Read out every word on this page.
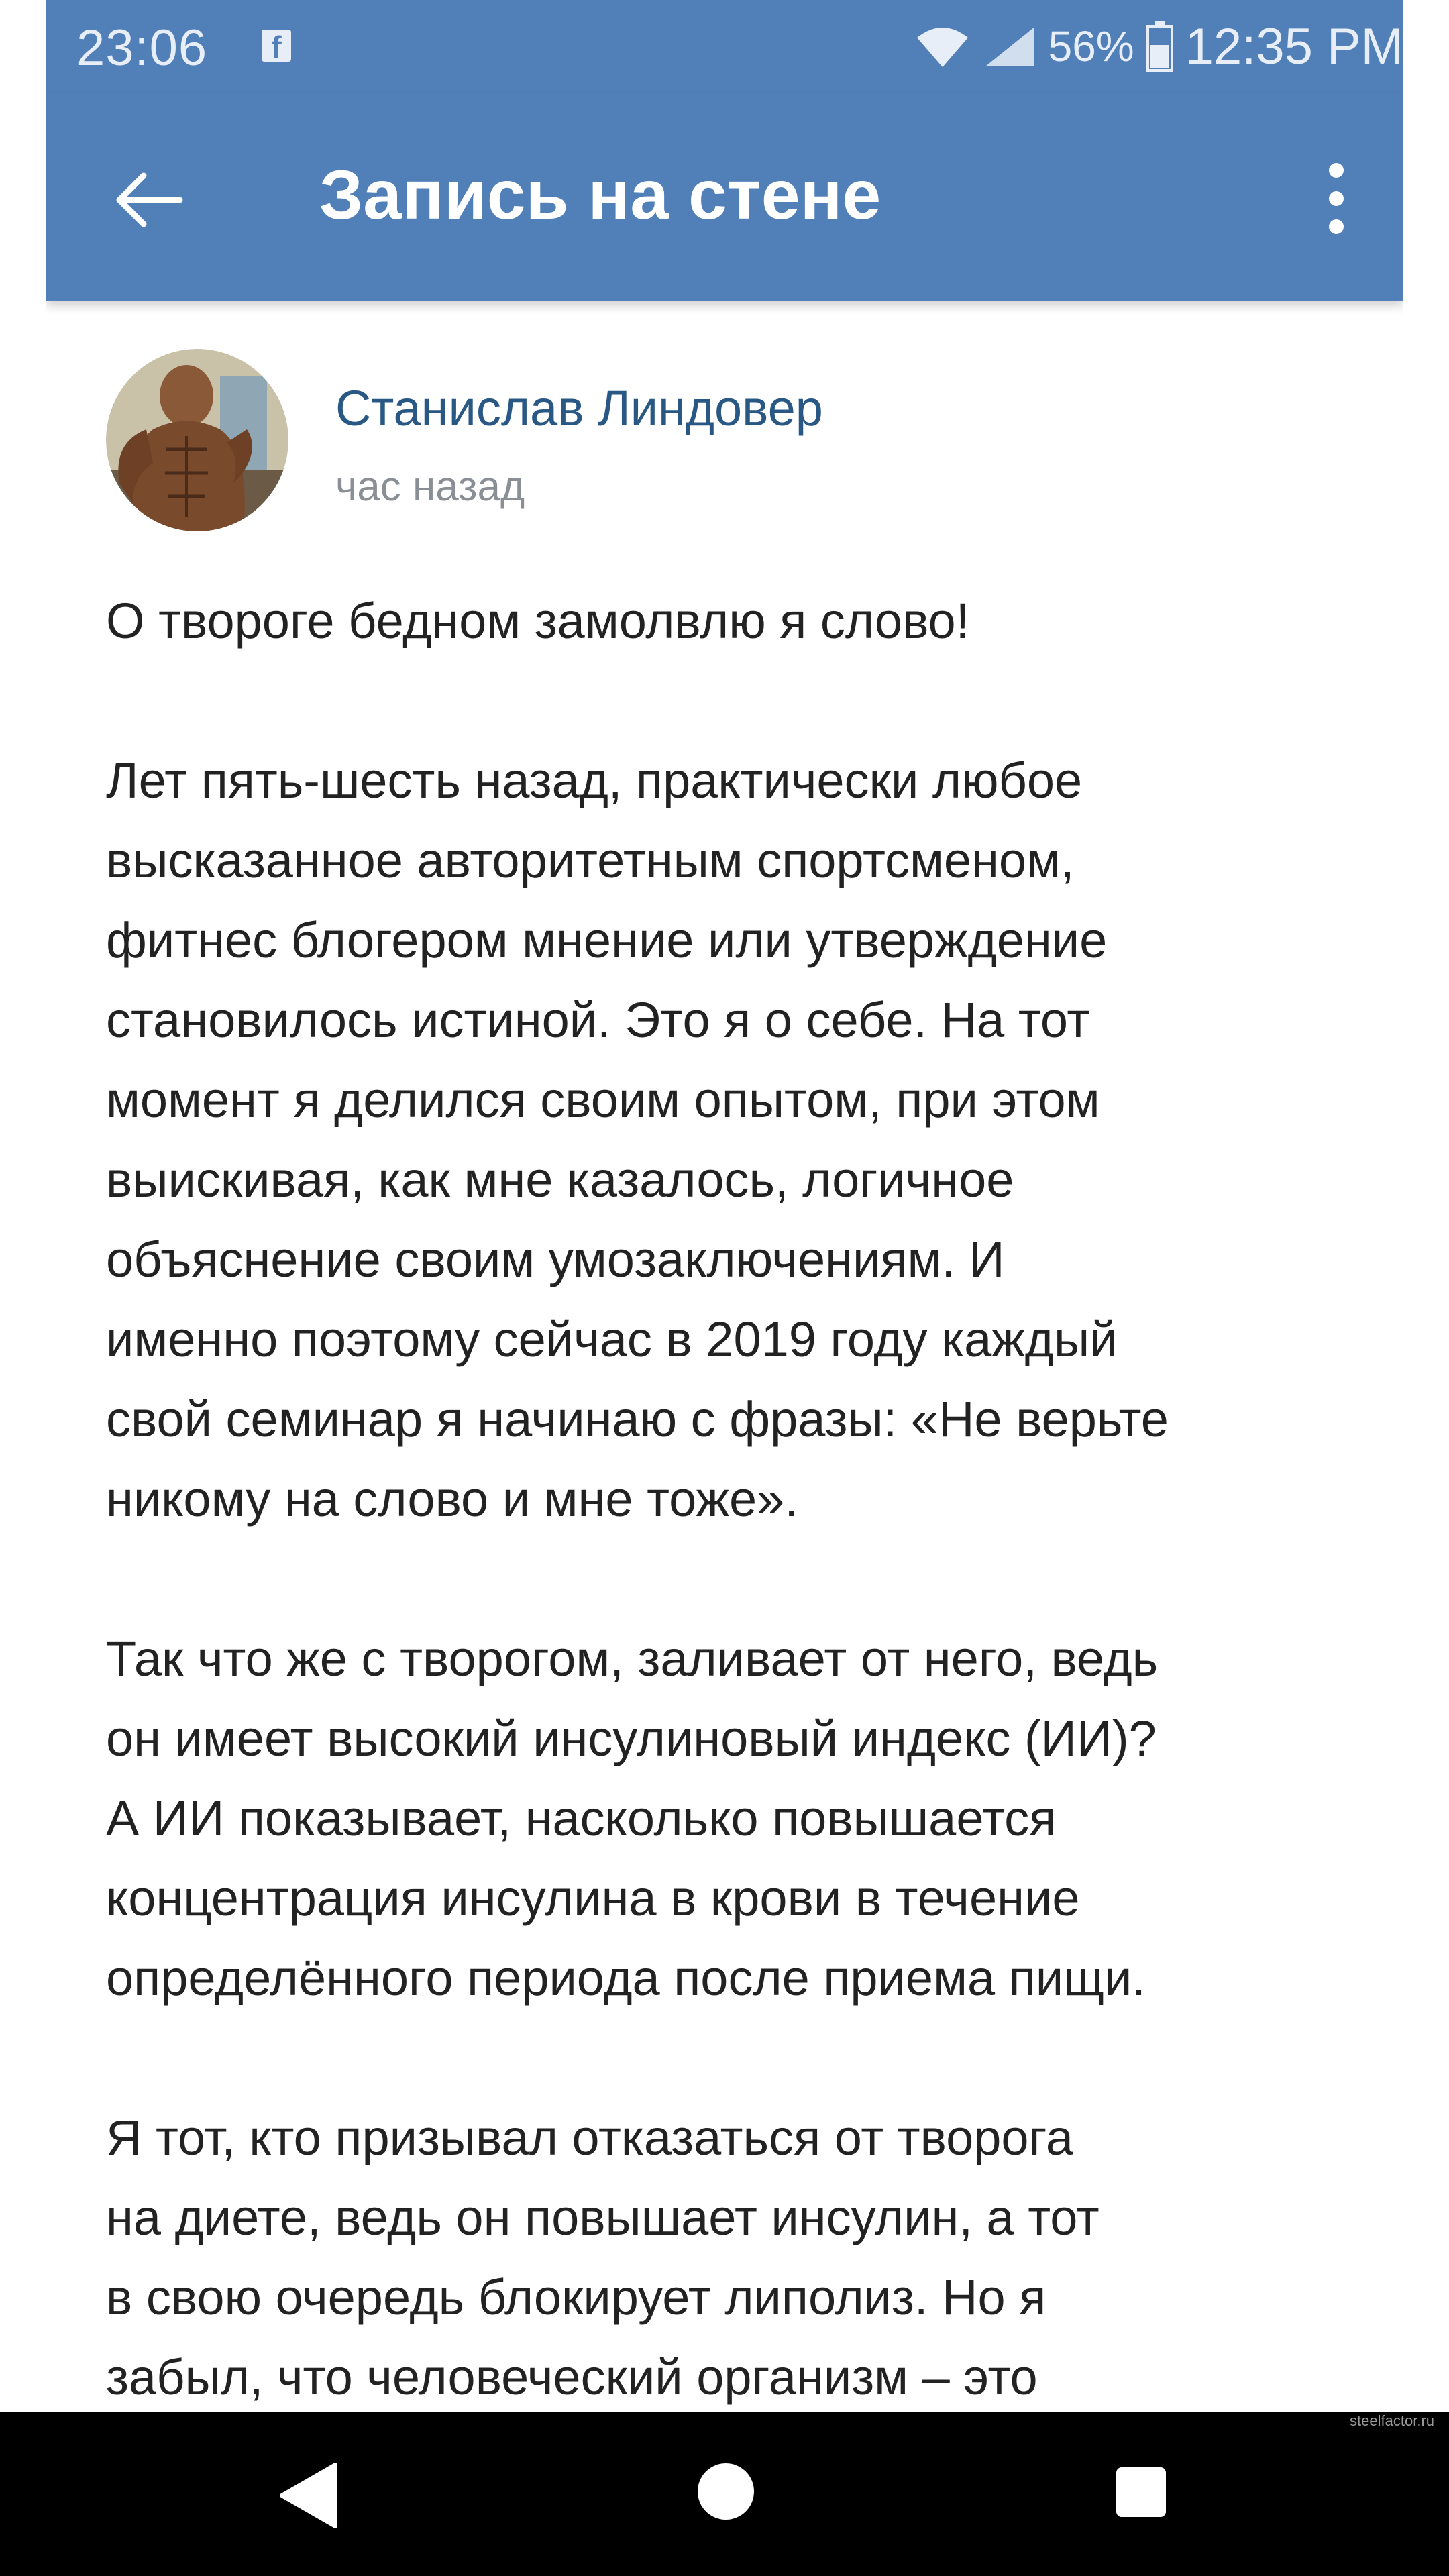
23:06	f	56% 12:35 PM
Запись на стене
Станислав Линдовер
час назад

О твороге бедном замолвлю я слово!

Лет пять-шесть назад, практически любое
высказанное авторитетным спортсменом,
фитнес блогером мнение или утверждение
становилось истиной. Это я о себе. На тот
момент я делился своим опытом, при этом
выискивая, как мне казалось, логичное
объяснение своим умозаключениям. И
именно поэтому сейчас в 2019 году каждый
свой семинар я начинаю с фразы: «Не верьте
никому на слово и мне тоже».

Так что же с творогом, заливает от него, ведь
он имеет высокий инсулиновый индекс (ИИ)?
А ИИ показывает, насколько повышается
концентрация инсулина в крови в течение
определённого периода после приема пищи.

Я тот, кто призывал отказаться от творога
на диете, ведь он повышает инсулин, а тот
в свою очередь блокирует липолиз. Но я
забыл, что человеческий организм – это

steelfactor.ru
